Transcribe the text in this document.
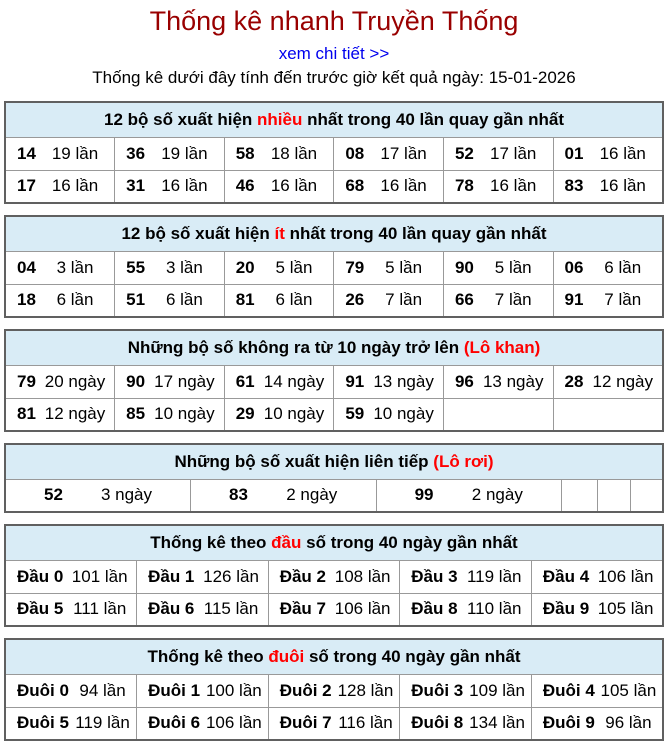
Thống kê nhanh Truyền Thống
xem chi tiết >>
Thống kê dưới đây tính đến trước giờ kết quả ngày: 15-01-2026
12 bộ số xuất hiện nhiều nhất trong 40 lần quay gần nhất					

14 19 lần	36 19 lần	58 18 lần	08 17 lần	52 17 lần	01 16 lần

17 16 lần	31 16 lần	46 16 lần	68 16 lần	78 16 lần	83 16 lần
12 bộ số xuất hiện ít nhất trong 40 lần quay gần nhất					

04 3 lần	55 3 lần	20 5 lần	79 5 lần	90 5 lần	06 6 lần

18 6 lần	51 6 lần	81 6 lần	26 7 lần	66 7 lần	91 7 lần
Những bộ số không ra từ 10 ngày trở lên (Lô khan)					

79 20 ngày	90 17 ngày	61 14 ngày	91 13 ngày	96 13 ngày	28 12 ngày

81 12 ngày	85 10 ngày	29 10 ngày	59 10 ngày		

Những bộ số xuất hiện liên tiếp (Lô rơi)

52	3 ngày	83	2 ngày	99	2 ngày

Thống kê theo đầu số trong 40 ngày gần nhất				

Đầu 0 101 lần	Đầu 1 126 lần	Đầu 2 108 lần	Đầu 3 119 lần	Đầu 4 106 lần

Đầu 5 111 lần	Đầu 6 115 lần	Đầu 7 106 lần	Đầu 8 110 lần	Đầu 9 105 lần
Thống kê theo đuôi số trong 40 ngày gần nhất				

Đuôi 0 94 lần	Đuôi 1 100 lần	Đuôi 2 128 lần	Đuôi 3 109 lần	Đuôi 4 105 lần

Đuôi 5 119 lần	Đuôi 6 106 lần	Đuôi 7 116 lần	Đuôi 8 134 lần	Đuôi 9 96 lần
